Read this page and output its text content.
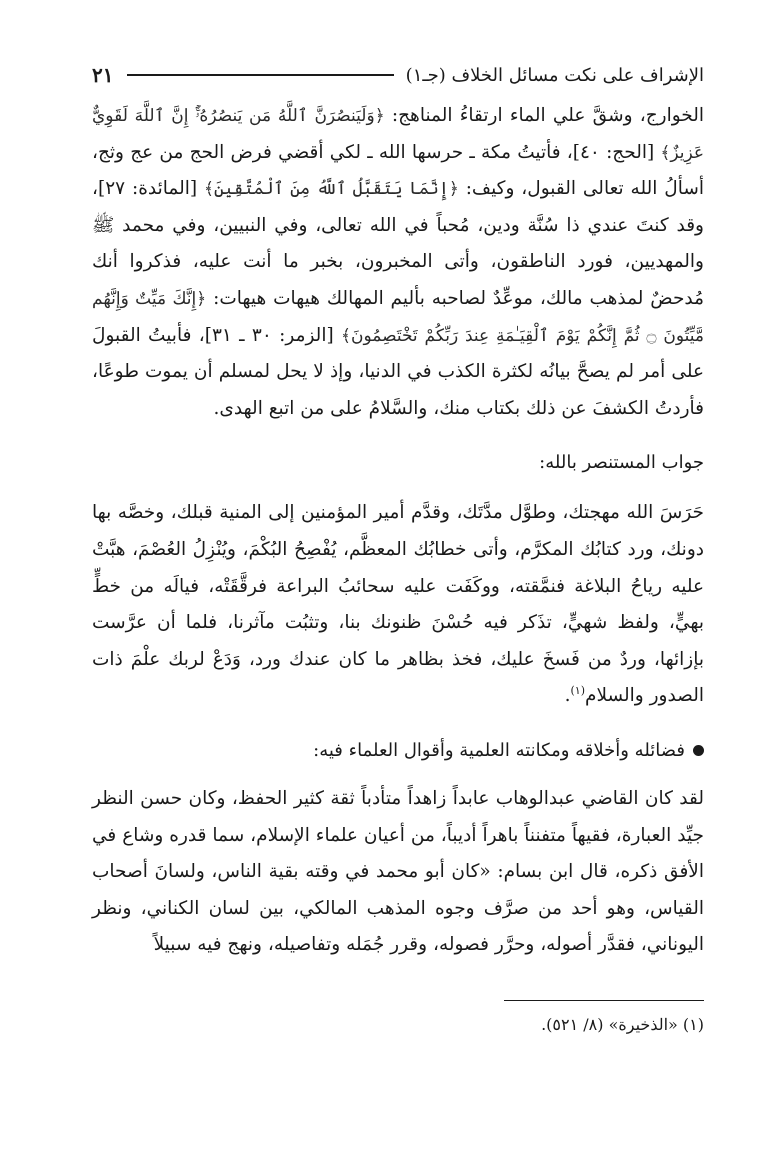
الإشراف على نكت مسائل الخلاف (جـ١)
٢١

الخوارج، وشقَّ علي الماء ارتقاءُ المناهج: ﴿وَلَيَنصُرَنَّ ٱللَّهُ مَن يَنصُرُهُۥٓۚ إِنَّ ٱللَّهَ لَقَوِيٌّ عَزِيزٌ﴾ [الحج: ٤٠]، فأتيتُ مكة ـ حرسها الله ـ لكي أقضي فرض الحج من عج وثج، أسألُ الله تعالى القبول، وكيف: ﴿إِنَّمَا يَتَقَبَّلُ ٱللَّهُ مِنَ ٱلْمُتَّقِينَ﴾ [المائدة: ٢٧]، وقد كنتَ عندي ذا سُنَّة ودين، مُحباً في الله تعالى، وفي النبيين، وفي محمد ﷺ والمهديين، فورد الناطقون، وأتى المخبرون، بخبر ما أنت عليه، فذكروا أنك مُدحضٌ لمذهب مالك، موعِّدٌ لصاحبه بأليم المهالك هيهات هيهات: ﴿إِنَّكَ مَيِّتٌ وَإِنَّهُم مَّيِّتُونَ ۝ ثُمَّ إِنَّكُمْ يَوْمَ ٱلْقِيَـٰمَةِ عِندَ رَبِّكُمْ تَخْتَصِمُونَ﴾ [الزمر: ٣٠ ـ ٣١]، فأبيتُ القبولَ على أمر لم يصحَّ بيانُه لكثرة الكذب في الدنيا، وإذ لا يحل لمسلم أن يموت طوعًا، فأردتُ الكشفَ عن ذلك بكتاب منك، والسَّلامُ على من اتبع الهدى.

جواب المستنصر بالله:

حَرَسَ الله مهجتك، وطوَّل مدَّتَك، وقدَّم أمير المؤمنين إلى المنية قبلك، وخصَّه بها دونك، ورد كتابُك المكرَّم، وأتى خطابُك المعظَّم، يُفْصِحُ البُكْمَ، ويُنْزِلُ العُصْمَ، هبَّتْ عليه رياحُ البلاغة فنمَّقته، ووكَفَت عليه سحائبُ البراعة فرقَّقَتْه، فيالَه من خطٍّ بهيٍّ، ولفظ شهيٍّ، تذَكر فيه حُسْنَ ظنونك بنا، وتثبُت مآثرنا، فلما أن عرَّست بإزائها، وردٌ من فَسخَ عليك، فخذ بظاهر ما كان عندك ورد، وَدَعْ لربك علْمَ ذات الصدور والسلام$^{(١)}$.

فضائله وأخلاقه ومكانته العلمية وأقوال العلماء فيه:

لقد كان القاضي عبدالوهاب عابداً زاهداً متأدباً ثقة كثير الحفظ، وكان حسن النظر جيِّد العبارة، فقيهاً متفنناً باهراً أديباً، من أعيان علماء الإسلام، سما قدره وشاع في الأفق ذكره، قال ابن بسام: «كان أبو محمد في وقته بقية الناس، ولسانَ أصحاب القياس، وهو أحد من صرَّف وجوه المذهب المالكي، بين لسان الكناني، ونظر اليوناني، فقدَّر أصوله، وحرَّر فصوله، وقرر جُمَله وتفاصيله، ونهج فيه سبيلاً

(١) «الذخيرة» (٨/ ٥٢١).
